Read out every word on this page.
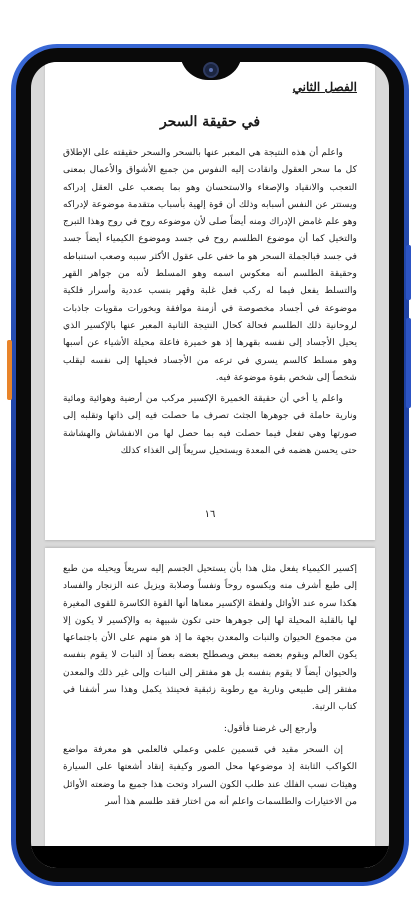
الفصل الثاني
في حقيقة السحر

واعلم أن هذه النتيجة هي المعبر عنها بالسحر والسحر حقيقته على الإطلاق كل ما سحر العقول وانقادت إليه النفوس من جميع الأشواق والأعمال بمعنى التعجب والانقياد والإصغاء والاستحسان وهو بما يصعب على العقل إدراكه ويستتر عن النفس أسبابه وذلك أن قوة إلهية بأسباب متقدمة موضوعة لإدراكه وهو علم غامض الإدراك ومنه أيضاً صلى لأن موضوعه روح في روح وهذا التبرج والتخيل كما أن موضوع الطلسم روح في جسد وموضوع الكيمياء أيضاً جسد في جسد فبالجملة السحر هو ما خفي على عقول الأكثر سببه وصعب استنباطه وحقيقة الطلسم أنه معكوس اسمه وهو المسلط لأنه من جواهر القهر والتسلط يفعل فيما له ركب فعل غلبة وقهر بنسب عددية وأسرار فلكية موضوعة في أجساد مخصوصة في أزمنة موافقة وبخورات مقويات جاذبات لروحانية ذلك الطلسم فحالة كحال النتيجة الثانية المعبر عنها بالإكسير الذي يحيل الأجساد إلى نفسه بقهرها إذ هو خميرة فاعلة محيلة الأشياء عن أسبها وهو مسلط كالسم يسري في ترعه من الأجساد فحيلها إلى نفسه ليقلب شخصاً إلى شخص بقوة موضوعة فيه.

واعلم يا أخي أن حقيقة الخميرة الإكسير مركب من أرضية وهوائية ومائية ونارية حاملة في جوهرها الجثث تصرف ما حصلت فيه إلى ذاتها وتقلبه إلى صورتها وهي تفعل فيما حصلت فيه بما حصل لها من الانفشاش والهشاشة حتى يحسن هضمه في المعدة ويستحيل سريعاً إلى الغذاء كذلك

١٦

إكسير الكيمياء يفعل مثل هذا بأن يستحيل الجسم إليه سريعاً ويحيله من طبع إلى طبع أشرف منه ويكسوه روحاً ونفساً وصلابة ويزيل عنه الزنجار والفساد هكذا سره عند الأوائل ولفظة الإكسير معناها أنها القوة الكاسرة للقوى المغيرة لها بالقلبة المحيلة لها إلى جوهرها حتى تكون شبيهة به والإكسير لا يكون إلا من مجموع الحيوان والنبات والمعدن بجهة ما إذ هو منهم على الأن باجتماعها يكون العالم ويقوم بعضه ببعض ويصطلح بعضه بعضاً إذ النبات لا يقوم بنفسه والحيوان أيضاً لا يقوم بنفسه بل هو مفتقر إلى النبات وإلى غير ذلك والمعدن مفتقر إلى طبيعي ونارية مع رطوبة زئبقية فحينئذ يكمل وهذا سر أشفنا في كتاب الرتبة.

وأرجع إلى غرضنا فأقول:

إن السحر مقيد في قسمين علمي وعملي فالعلمي هو معرفة مواضع الكواكب الثابتة إذ موضوعها محل الصور وكيفية إنقاد أشعتها على السيارة وهيئات نسب الفلك عند طلب الكون السراد وتحت هذا جميع ما وضعته الأوائل من الاختيارات والطلسمات واعلم أنه من اختار فقد طلسم هذا أسر
